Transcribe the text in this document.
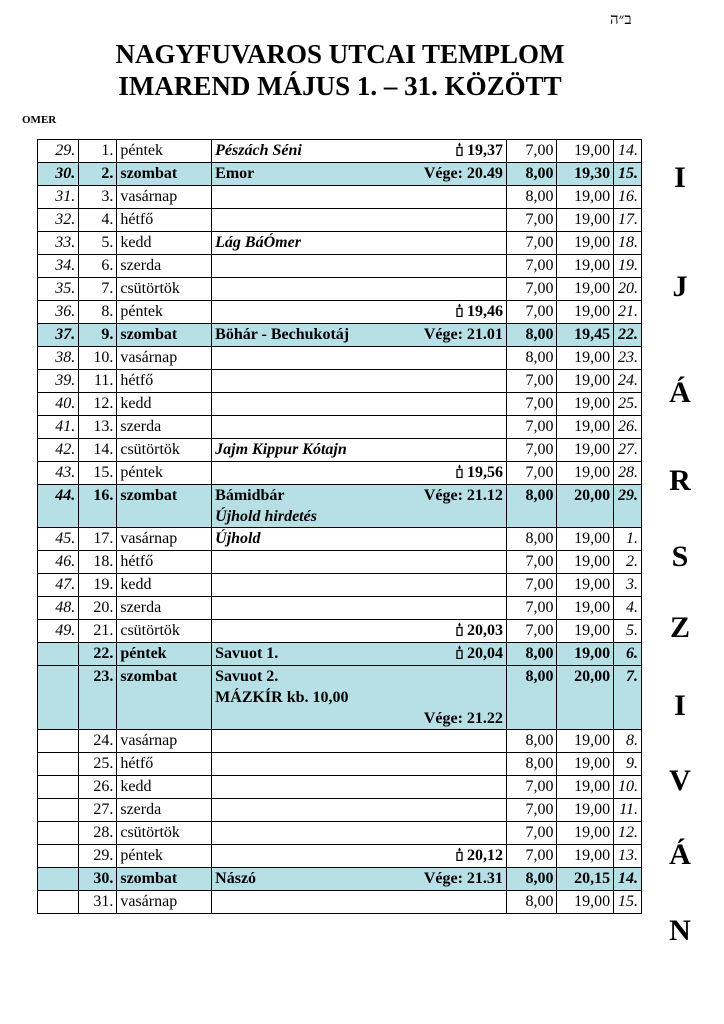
ב״ה
NAGYFUVAROS UTCAI TEMPLOM
IMAREND MÁJUS 1. – 31. KÖZÖTT
OMER
29.	1.	péntek	Pészách Séni 19,37	7,00	19,00	14.
30.	2.	szombat	Emor Vége: 20.49	8,00	19,30	15.
31.	3.	vasárnap		8,00	19,00	16.
32.	4.	hétfő		7,00	19,00	17.
33.	5.	kedd	Lág BáÓmer	7,00	19,00	18.
34.	6.	szerda		7,00	19,00	19.
35.	7.	csütörtök		7,00	19,00	20.
36.	8.	péntek	19,46	7,00	19,00	21.
37.	9.	szombat	Böhár - Bechukotáj Vége: 21.01	8,00	19,45	22.
38.	10.	vasárnap		8,00	19,00	23.
39.	11.	hétfő		7,00	19,00	24.
40.	12.	kedd		7,00	19,00	25.
41.	13.	szerda		7,00	19,00	26.
42.	14.	csütörtök	Jajm Kippur Kótajn	7,00	19,00	27.
43.	15.	péntek	19,56	7,00	19,00	28.
44.	16.	szombat	Bámidbár Vége: 21.12
Újhold hirdetés	8,00	20,00	29.
45.	17.	vasárnap	Újhold	8,00	19,00	1.
46.	18.	hétfő		7,00	19,00	2.
47.	19.	kedd		7,00	19,00	3.
48.	20.	szerda		7,00	19,00	4.
49.	21.	csütörtök	20,03	7,00	19,00	5.
	22.	péntek	Savuot 1. 20,04	8,00	19,00	6.
	23.	szombat	Savuot 2.
MÁZKÍR kb. 10,00
Vége: 21.22	8,00	20,00	7.
	24.	vasárnap		8,00	19,00	8.
	25.	hétfő		8,00	19,00	9.
	26.	kedd		7,00	19,00	10.
	27.	szerda		7,00	19,00	11.
	28.	csütörtök		7,00	19,00	12.
	29.	péntek	20,12	7,00	19,00	13.
	30.	szombat	Nászó Vége: 21.31	8,00	20,15	14.
	31.	vasárnap		8,00	19,00	15.
I
J
Á
R
S
Z
I
V
Á
N
